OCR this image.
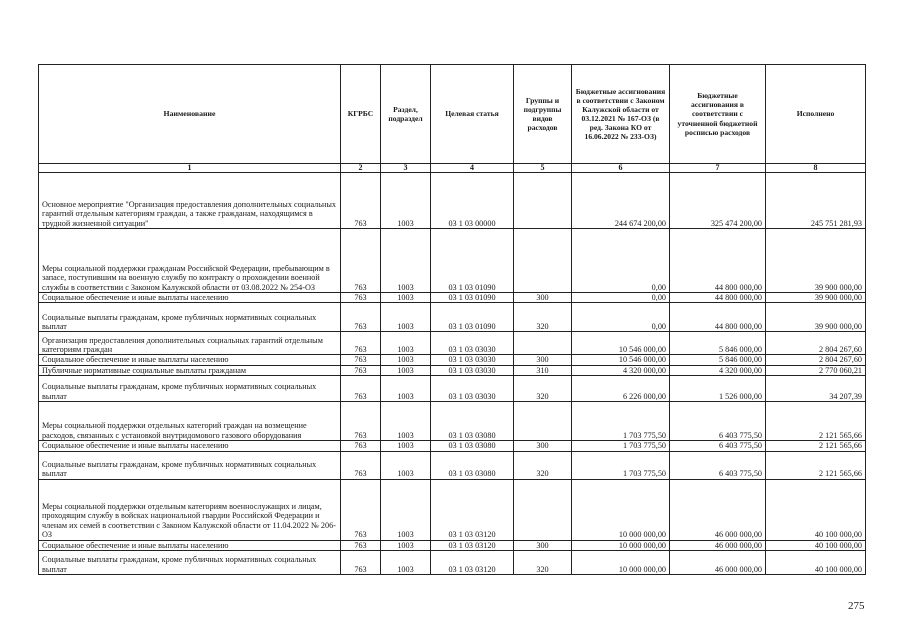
Наименование	КГРБС	Раздел, подраздел	Целевая статья	Группы и подгруппы видов расходов	Бюджетные ассигнования в соответствии с Законом Калужской области от 03.12.2021 № 167-ОЗ (в ред. Закона КО от 16.06.2022 № 233-ОЗ)	Бюджетные ассигнования в соответствии с уточненной бюджетной росписью расходов	Исполнено
1	2	3	4	5	6	7	8
Основное мероприятие "Организация предоставления дополнительных социальных гарантий отдельным категориям граждан, а также гражданам, находящимся в трудной жизненной ситуации"	763	1003	03 1 03 00000		244 674 200,00	325 474 200,00	245 751 281,93
Меры социальной поддержки гражданам Российской Федерации, пребывающим в запасе, поступившим на военную службу по контракту о прохождении военной службы в соответствии с Законом Калужской области от 03.08.2022 № 254-ОЗ	763	1003	03 1 03 01090		0,00	44 800 000,00	39 900 000,00
Социальное обеспечение и иные выплаты населению	763	1003	03 1 03 01090	300	0,00	44 800 000,00	39 900 000,00
Социальные выплаты гражданам, кроме публичных нормативных социальных выплат	763	1003	03 1 03 01090	320	0,00	44 800 000,00	39 900 000,00
Организация предоставления дополнительных социальных гарантий отдельным категориям граждан	763	1003	03 1 03 03030		10 546 000,00	5 846 000,00	2 804 267,60
Социальное обеспечение и иные выплаты населению	763	1003	03 1 03 03030	300	10 546 000,00	5 846 000,00	2 804 267,60
Публичные нормативные социальные выплаты гражданам	763	1003	03 1 03 03030	310	4 320 000,00	4 320 000,00	2 770 060,21
Социальные выплаты гражданам, кроме публичных нормативных социальных выплат	763	1003	03 1 03 03030	320	6 226 000,00	1 526 000,00	34 207,39
Меры социальной поддержки отдельных категорий граждан на возмещение расходов, связанных с установкой внутридомового газового оборудования	763	1003	03 1 03 03080		1 703 775,50	6 403 775,50	2 121 565,66
Социальное обеспечение и иные выплаты населению	763	1003	03 1 03 03080	300	1 703 775,50	6 403 775,50	2 121 565,66
Социальные выплаты гражданам, кроме публичных нормативных социальных выплат	763	1003	03 1 03 03080	320	1 703 775,50	6 403 775,50	2 121 565,66
Меры социальной поддержки отдельным категориям военнослужащих и лицам, проходящим службу в войсках национальной гвардии Российской Федерации и членам их семей в соответствии с Законом Калужской области от 11.04.2022 № 206-ОЗ	763	1003	03 1 03 03120		10 000 000,00	46 000 000,00	40 100 000,00
Социальное обеспечение и иные выплаты населению	763	1003	03 1 03 03120	300	10 000 000,00	46 000 000,00	40 100 000,00
Социальные выплаты гражданам, кроме публичных нормативных социальных выплат	763	1003	03 1 03 03120	320	10 000 000,00	46 000 000,00	40 100 000,00
275
